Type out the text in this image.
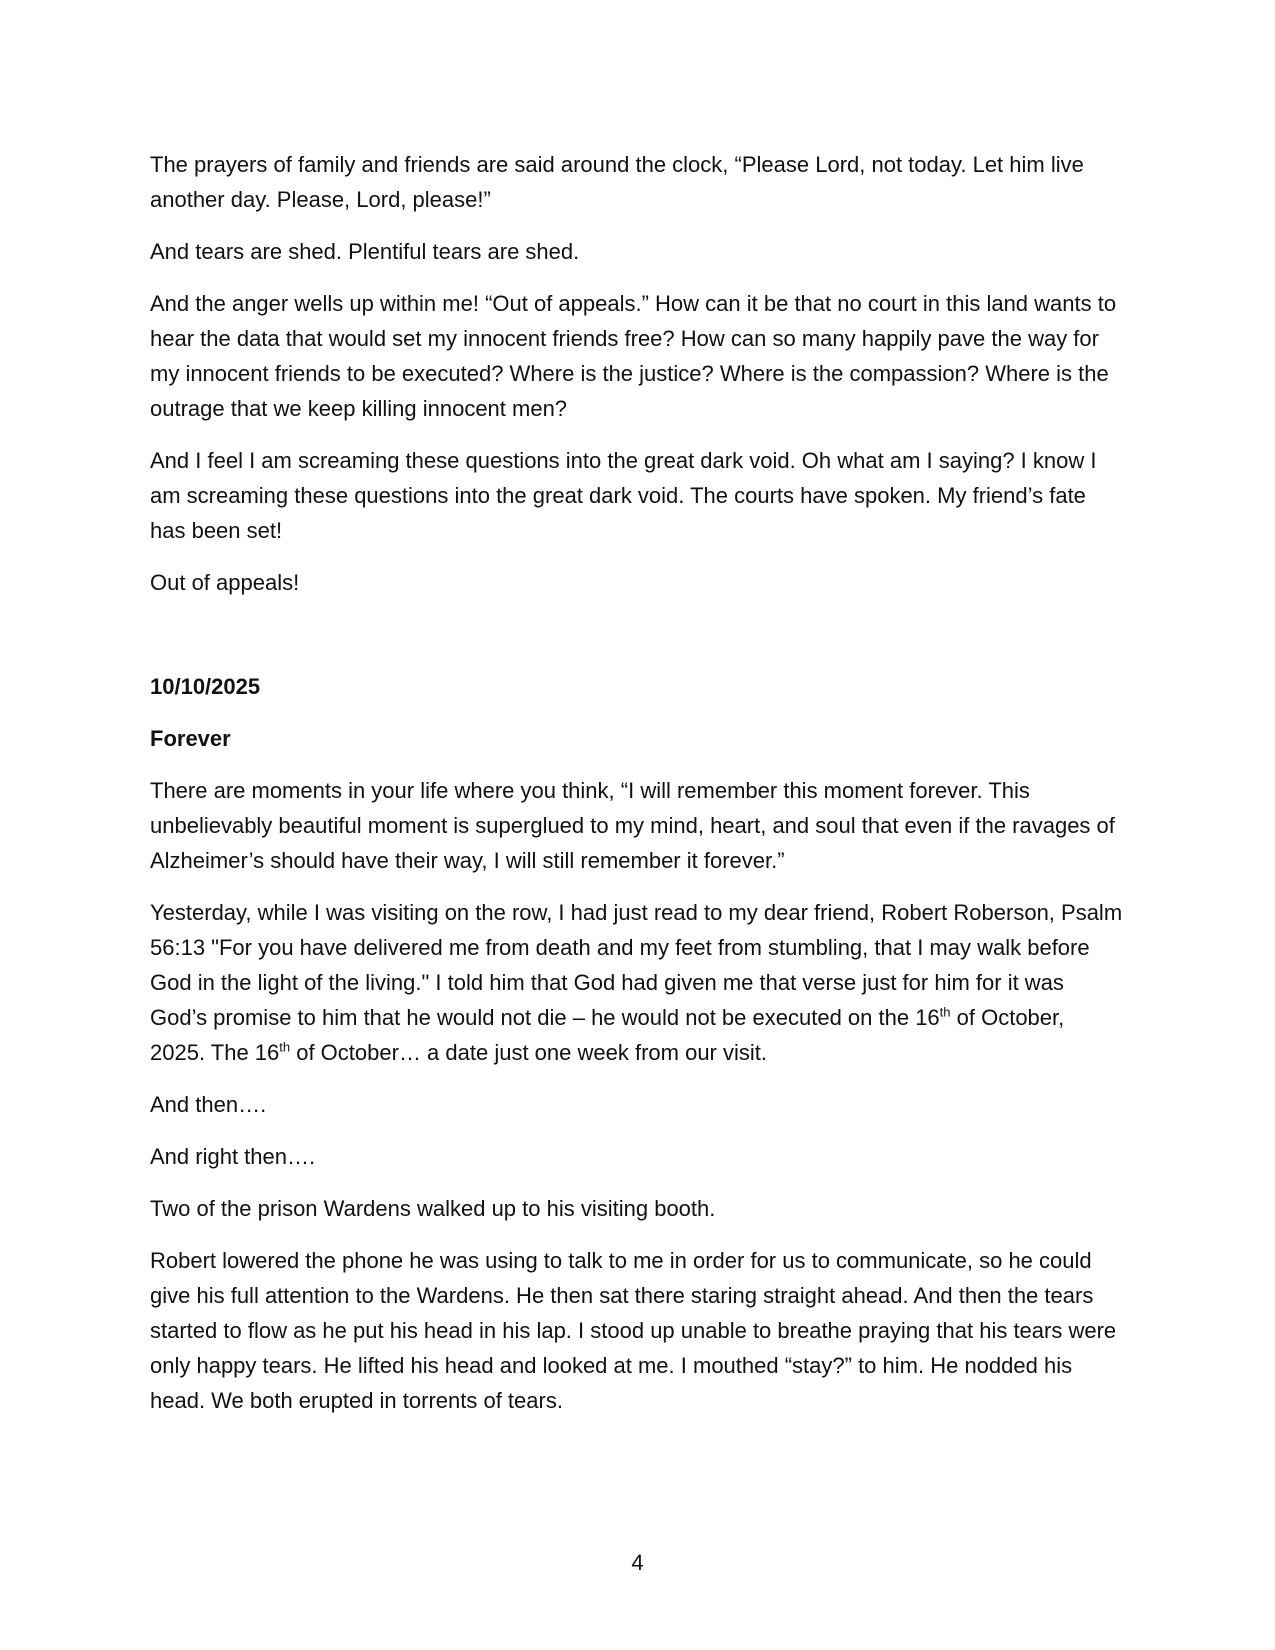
The prayers of family and friends are said around the clock, “Please Lord, not today. Let him live another day. Please, Lord, please!”

And tears are shed. Plentiful tears are shed.

And the anger wells up within me! “Out of appeals.” How can it be that no court in this land wants to hear the data that would set my innocent friends free? How can so many happily pave the way for my innocent friends to be executed? Where is the justice? Where is the compassion? Where is the outrage that we keep killing innocent men?

And I feel I am screaming these questions into the great dark void. Oh what am I saying? I know I am screaming these questions into the great dark void. The courts have spoken. My friend’s fate has been set!

Out of appeals!

10/10/2025

Forever

There are moments in your life where you think, “I will remember this moment forever. This unbelievably beautiful moment is superglued to my mind, heart, and soul that even if the ravages of Alzheimer’s should have their way, I will still remember it forever.”

Yesterday, while I was visiting on the row, I had just read to my dear friend, Robert Roberson, Psalm 56:13 "For you have delivered me from death and my feet from stumbling, that I may walk before God in the light of the living." I told him that God had given me that verse just for him for it was God’s promise to him that he would not die – he would not be executed on the 16th of October, 2025. The 16th of October… a date just one week from our visit.

And then….

And right then….

Two of the prison Wardens walked up to his visiting booth.

Robert lowered the phone he was using to talk to me in order for us to communicate, so he could give his full attention to the Wardens. He then sat there staring straight ahead. And then the tears started to flow as he put his head in his lap. I stood up unable to breathe praying that his tears were only happy tears. He lifted his head and looked at me. I mouthed “stay?” to him. He nodded his head. We both erupted in torrents of tears.

4
